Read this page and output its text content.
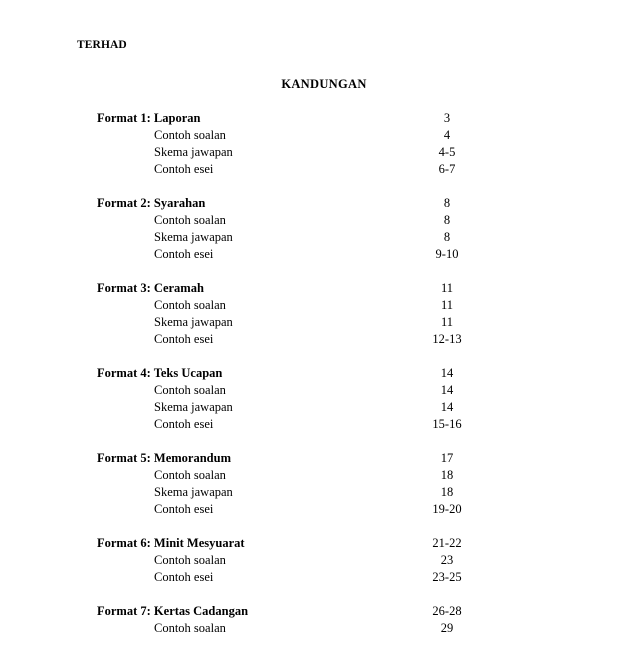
TERHAD
KANDUNGAN
Format 1: Laporan	3
Contoh soalan	4
Skema jawapan	4-5
Contoh esei	6-7
Format 2: Syarahan	8
Contoh soalan	8
Skema jawapan	8
Contoh esei	9-10
Format 3: Ceramah	11
Contoh soalan	11
Skema jawapan	11
Contoh esei	12-13
Format 4: Teks Ucapan	14
Contoh soalan	14
Skema jawapan	14
Contoh esei	15-16
Format 5: Memorandum	17
Contoh soalan	18
Skema jawapan	18
Contoh esei	19-20
Format 6: Minit Mesyuarat	21-22
Contoh soalan	23
Contoh esei	23-25
Format 7: Kertas Cadangan	26-28
Contoh soalan	29
